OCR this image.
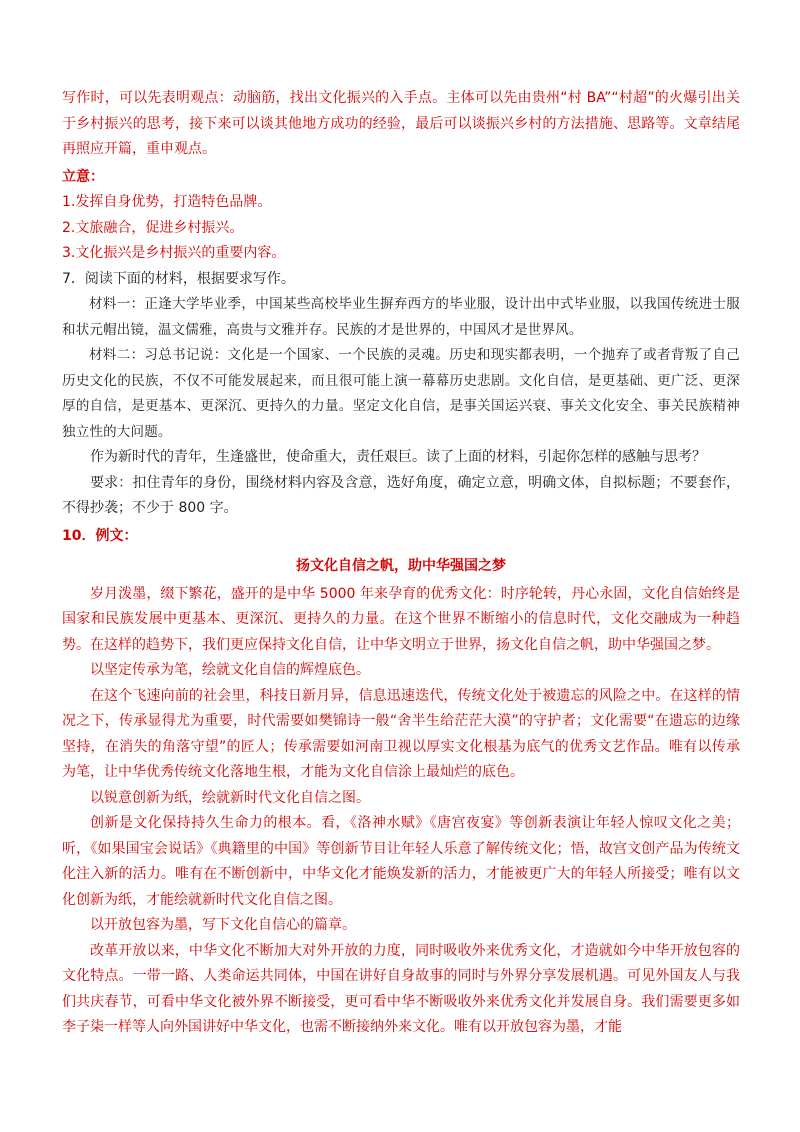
写作时，可以先表明观点：动脑筋，找出文化振兴的入手点。主体可以先由贵州“村 BA”“村超”的火爆引出关于乡村振兴的思考，接下来可以谈其他地方成功的经验，最后可以谈振兴乡村的方法措施、思路等。文章结尾再照应开篇，重申观点。

立意：

1.发挥自身优势，打造特色品牌。

2.文旅融合，促进乡村振兴。

3.文化振兴是乡村振兴的重要内容。

7．阅读下面的材料，根据要求写作。

材料一：正逢大学毕业季，中国某些高校毕业生摒弃西方的毕业服，设计出中式毕业服，以我国传统进士服和状元帽出镜，温文儒雅，高贵与文雅并存。民族的才是世界的，中国风才是世界风。

材料二：习总书记说：文化是一个国家、一个民族的灵魂。历史和现实都表明，一个抛弃了或者背叛了自己历史文化的民族，不仅不可能发展起来，而且很可能上演一幕幕历史悲剧。文化自信，是更基础、更广泛、更深厚的自信，是更基本、更深沉、更持久的力量。坚定文化自信，是事关国运兴衰、事关文化安全、事关民族精神独立性的大问题。

作为新时代的青年，生逢盛世，使命重大，责任艰巨。读了上面的材料，引起你怎样的感触与思考？

要求：扣住青年的身份，围绕材料内容及含意，选好角度，确定立意，明确文体，自拟标题；不要套作，不得抄袭；不少于 800 字。

10．例文：

扬文化自信之帆，助中华强国之梦

岁月泼墨，缀下繁花，盛开的是中华 5000 年来孕育的优秀文化：时序轮转，丹心永固，文化自信始终是国家和民族发展中更基本、更深沉、更持久的力量。在这个世界不断缩小的信息时代，文化交融成为一种趋势。在这样的趋势下，我们更应保持文化自信，让中华文明立于世界，扬文化自信之帆，助中华强国之梦。

以坚定传承为笔，绘就文化自信的辉煌底色。

在这个飞速向前的社会里，科技日新月异，信息迅速迭代，传统文化处于被遗忘的风险之中。在这样的情况之下，传承显得尤为重要，时代需要如樊锦诗一般“舍半生给茫茫大漠”的守护者；文化需要“在遗忘的边缘坚持，在消失的角落守望”的匠人；传承需要如河南卫视以厚实文化根基为底气的优秀文艺作品。唯有以传承为笔，让中华优秀传统文化落地生根，才能为文化自信涂上最灿烂的底色。

以锐意创新为纸，绘就新时代文化自信之图。

创新是文化保持持久生命力的根本。看，《洛神水赋》《唐宫夜宴》等创新表演让年轻人惊叹文化之美；听，《如果国宝会说话》《典籍里的中国》等创新节目让年轻人乐意了解传统文化；悟，故宫文创产品为传统文化注入新的活力。唯有在不断创新中，中华文化才能焕发新的活力，才能被更广大的年轻人所接受；唯有以文化创新为纸，才能绘就新时代文化自信之图。

以开放包容为墨，写下文化自信心的篇章。

改革开放以来，中华文化不断加大对外开放的力度，同时吸收外来优秀文化，才造就如今中华开放包容的文化特点。一带一路、人类命运共同体，中国在讲好自身故事的同时与外界分享发展机遇。可见外国友人与我们共庆春节，可看中华文化被外界不断接受，更可看中华不断吸收外来优秀文化并发展自身。我们需要更多如李子柒一样等人向外国讲好中华文化，也需不断接纳外来文化。唯有以开放包容为墨，才能
